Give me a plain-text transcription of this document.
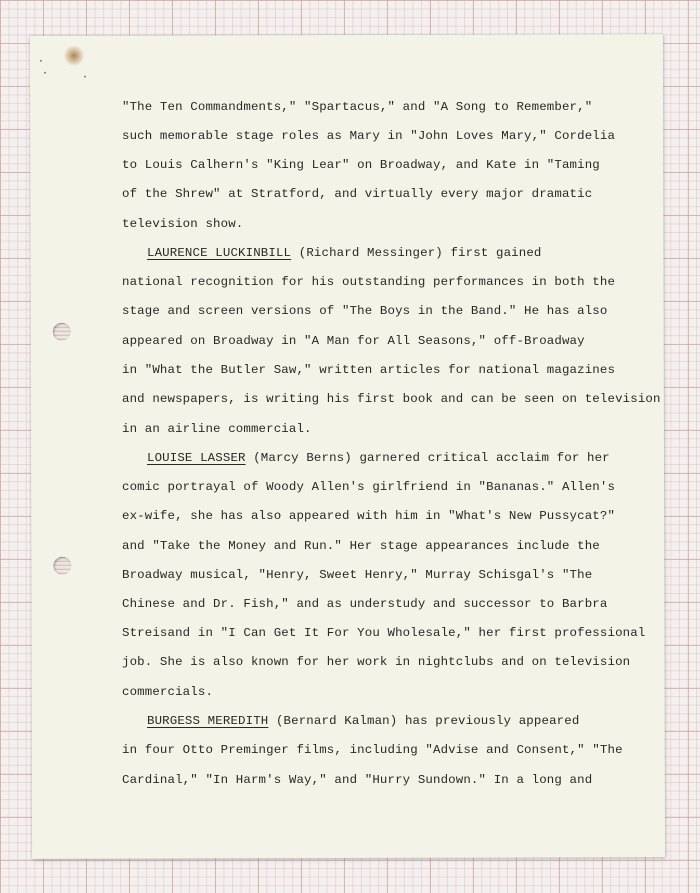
"The Ten Commandments," "Spartacus," and "A Song to Remember,"
such memorable stage roles as Mary in "John Loves Mary," Cordelia
to Louis Calhern's "King Lear" on Broadway, and Kate in "Taming
of the Shrew" at Stratford, and virtually every major dramatic
television show.
LAURENCE LUCKINBILL (Richard Messinger) first gained
national recognition for his outstanding performances in both the
stage and screen versions of "The Boys in the Band." He has also
appeared on Broadway in "A Man for All Seasons," off-Broadway
in "What the Butler Saw," written articles for national magazines
and newspapers, is writing his first book and can be seen on television
in an airline commercial.
LOUISE LASSER (Marcy Berns) garnered critical acclaim for her
comic portrayal of Woody Allen's girlfriend in "Bananas." Allen's
ex-wife, she has also appeared with him in "What's New Pussycat?"
and "Take the Money and Run." Her stage appearances include the
Broadway musical, "Henry, Sweet Henry," Murray Schisgal's "The
Chinese and Dr. Fish," and as understudy and successor to Barbra
Streisand in "I Can Get It For You Wholesale," her first professional
job. She is also known for her work in nightclubs and on television
commercials.
BURGESS MEREDITH (Bernard Kalman) has previously appeared
in four Otto Preminger films, including "Advise and Consent," "The
Cardinal," "In Harm's Way," and "Hurry Sundown." In a long and
